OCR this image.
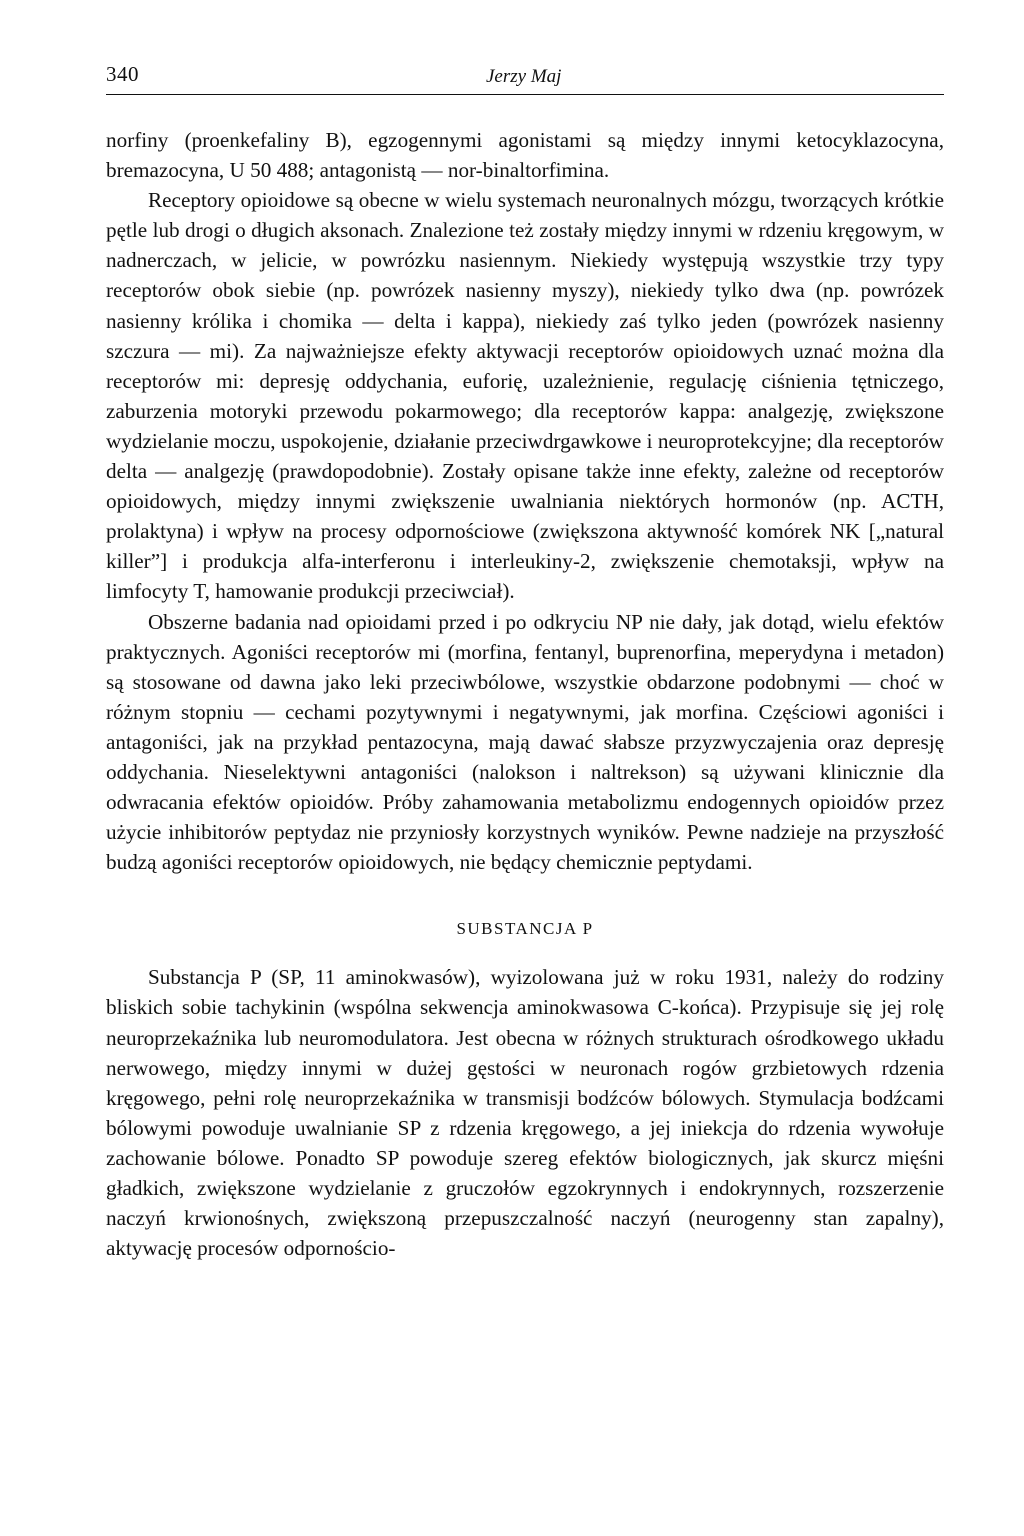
340	Jerzy Maj

norfiny (proenkefaliny B), egzogennymi agonistami są między innymi ketocyklazocyna, bremazocyna, U 50 488; antagonistą — nor-binaltorfimina.

Receptory opioidowe są obecne w wielu systemach neuronalnych mózgu, tworzących krótkie pętle lub drogi o długich aksonach. Znalezione też zostały między innymi w rdzeniu kręgowym, w nadnerczach, w jelicie, w powrózku nasiennym. Niekiedy występują wszystkie trzy typy receptorów obok siebie (np. powrózek nasienny myszy), niekiedy tylko dwa (np. powrózek nasienny królika i chomika — delta i kappa), niekiedy zaś tylko jeden (powrózek nasienny szczura — mi). Za najważniejsze efekty aktywacji receptorów opioidowych uznać można dla receptorów mi: depresję oddychania, euforię, uzależnienie, regulację ciśnienia tętniczego, zaburzenia motoryki przewodu pokarmowego; dla receptorów kappa: analgezję, zwiększone wydzielanie moczu, uspokojenie, działanie przeciwdrgawkowe i neuroprotekcyjne; dla receptorów delta — analgezję (prawdopodobnie). Zostały opisane także inne efekty, zależne od receptorów opioidowych, między innymi zwiększenie uwalniania niektórych hormonów (np. ACTH, prolaktyna) i wpływ na procesy odpornościowe (zwiększona aktywność komórek NK [„natural killer”] i produkcja alfa-interferonu i interleukiny-2, zwiększenie chemotaksji, wpływ na limfocyty T, hamowanie produkcji przeciwciał).

Obszerne badania nad opioidami przed i po odkryciu NP nie dały, jak dotąd, wielu efektów praktycznych. Agoniści receptorów mi (morfina, fentanyl, buprenorfina, meperydyna i metadon) są stosowane od dawna jako leki przeciwbólowe, wszystkie obdarzone podobnymi — choć w różnym stopniu — cechami pozytywnymi i negatywnymi, jak morfina. Częściowi agoniści i antagoniści, jak na przykład pentazocyna, mają dawać słabsze przyzwyczajenia oraz depresję oddychania. Nieselektywni antagoniści (nalokson i naltrekson) są używani klinicznie dla odwracania efektów opioidów. Próby zahamowania metabolizmu endogennych opioidów przez użycie inhibitorów peptydaz nie przyniosły korzystnych wyników. Pewne nadzieje na przyszłość budzą agoniści receptorów opioidowych, nie będący chemicznie peptydami.

SUBSTANCJA P

Substancja P (SP, 11 aminokwasów), wyizolowana już w roku 1931, należy do rodziny bliskich sobie tachykinin (wspólna sekwencja aminokwasowa C-końca). Przypisuje się jej rolę neuroprzekaźnika lub neuromodulatora. Jest obecna w różnych strukturach ośrodkowego układu nerwowego, między innymi w dużej gęstości w neuronach rogów grzbietowych rdzenia kręgowego, pełni rolę neuroprzekaźnika w transmisji bodźców bólowych. Stymulacja bodźcami bólowymi powoduje uwalnianie SP z rdzenia kręgowego, a jej iniekcja do rdzenia wywołuje zachowanie bólowe. Ponadto SP powoduje szereg efektów biologicznych, jak skurcz mięśni gładkich, zwiększone wydzielanie z gruczołów egzokrynnych i endokrynnych, rozszerzenie naczyń krwionośnych, zwiększoną przepuszczalność naczyń (neurogenny stan zapalny), aktywację procesów odpornościo-
